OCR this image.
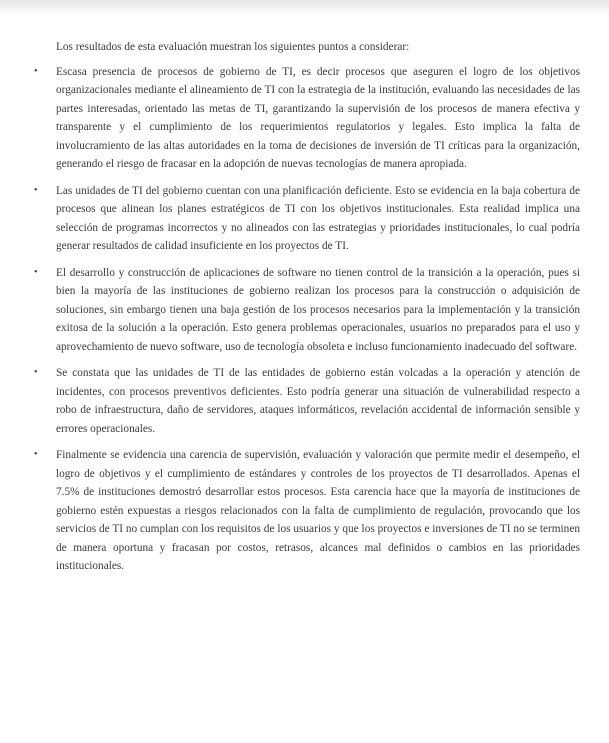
Los resultados de esta evaluación muestran los siguientes puntos a considerar:

• Escasa presencia de procesos de gobierno de TI, es decir procesos que aseguren el logro de los objetivos organizacionales mediante el alineamiento de TI con la estrategia de la institución, evaluando las necesidades de las partes interesadas, orientado las metas de TI, garantizando la supervisión de los procesos de manera efectiva y transparente y el cumplimiento de los requerimientos regulatorios y legales. Esto implica la falta de involucramiento de las altas autoridades en la toma de decisiones de inversión de TI críticas para la organización, generando el riesgo de fracasar en la adopción de nuevas tecnologías de manera apropiada.
• Las unidades de TI del gobierno cuentan con una planificación deficiente. Esto se evidencia en la baja cobertura de procesos que alinean los planes estratégicos de TI con los objetivos institucionales. Esta realidad implica una selección de programas incorrectos y no alineados con las estrategias y prioridades institucionales, lo cual podría generar resultados de calidad insuficiente en los proyectos de TI.
• El desarrollo y construcción de aplicaciones de software no tienen control de la transición a la operación, pues si bien la mayoría de las instituciones de gobierno realizan los procesos para la construcción o adquisición de soluciones, sin embargo tienen una baja gestión de los procesos necesarios para la implementación y la transición exitosa de la solución a la operación. Esto genera problemas operacionales, usuarios no preparados para el uso y aprovechamiento de nuevo software, uso de tecnología obsoleta e incluso funcionamiento inadecuado del software.
• Se constata que las unidades de TI de las entidades de gobierno están volcadas a la operación y atención de incidentes, con procesos preventivos deficientes. Esto podría generar una situación de vulnerabilidad respecto a robo de infraestructura, daño de servidores, ataques informáticos, revelación accidental de información sensible y errores operacionales.
• Finalmente se evidencia una carencia de supervisión, evaluación y valoración que permite medir el desempeño, el logro de objetivos y el cumplimiento de estándares y controles de los proyectos de TI desarrollados. Apenas el 7.5% de instituciones demostró desarrollar estos procesos. Esta carencia hace que la mayoría de instituciones de gobierno estén expuestas a riesgos relacionados con la falta de cumplimiento de regulación, provocando que los servicios de TI no cumplan con los requisitos de los usuarios y que los proyectos e inversiones de TI no se terminen de manera oportuna y fracasan por costos, retrasos, alcances mal definidos o cambios en las prioridades institucionales.
